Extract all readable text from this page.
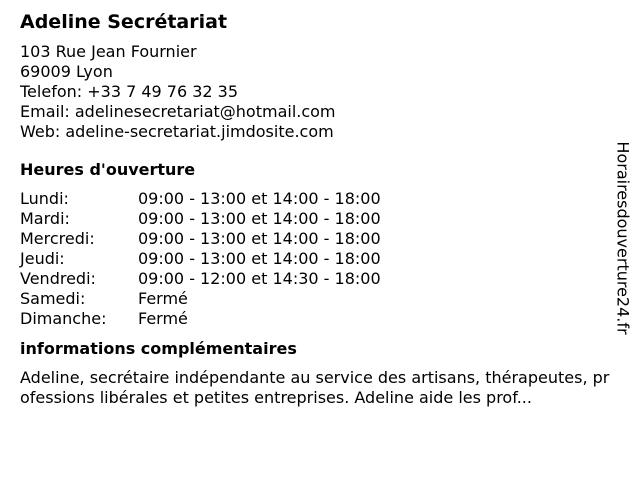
Adeline Secrétariat
103 Rue Jean Fournier
69009 Lyon
Telefon: +33 7 49 76 32 35
Email: adelinesecretariat@hotmail.com
Web: adeline-secretariat.jimdosite.com
Heures d'ouverture
Lundi:	09:00 - 13:00 et 14:00 - 18:00
Mardi:	09:00 - 13:00 et 14:00 - 18:00
Mercredi:	09:00 - 13:00 et 14:00 - 18:00
Jeudi:	09:00 - 13:00 et 14:00 - 18:00
Vendredi:	09:00 - 12:00 et 14:30 - 18:00
Samedi:	Fermé
Dimanche:	Fermé
informations complémentaires
Adeline, secrétaire indépendante au service des artisans, thérapeutes, professions libérales et petites entreprises. Adeline aide les prof...
Horairesdouverture24.fr
